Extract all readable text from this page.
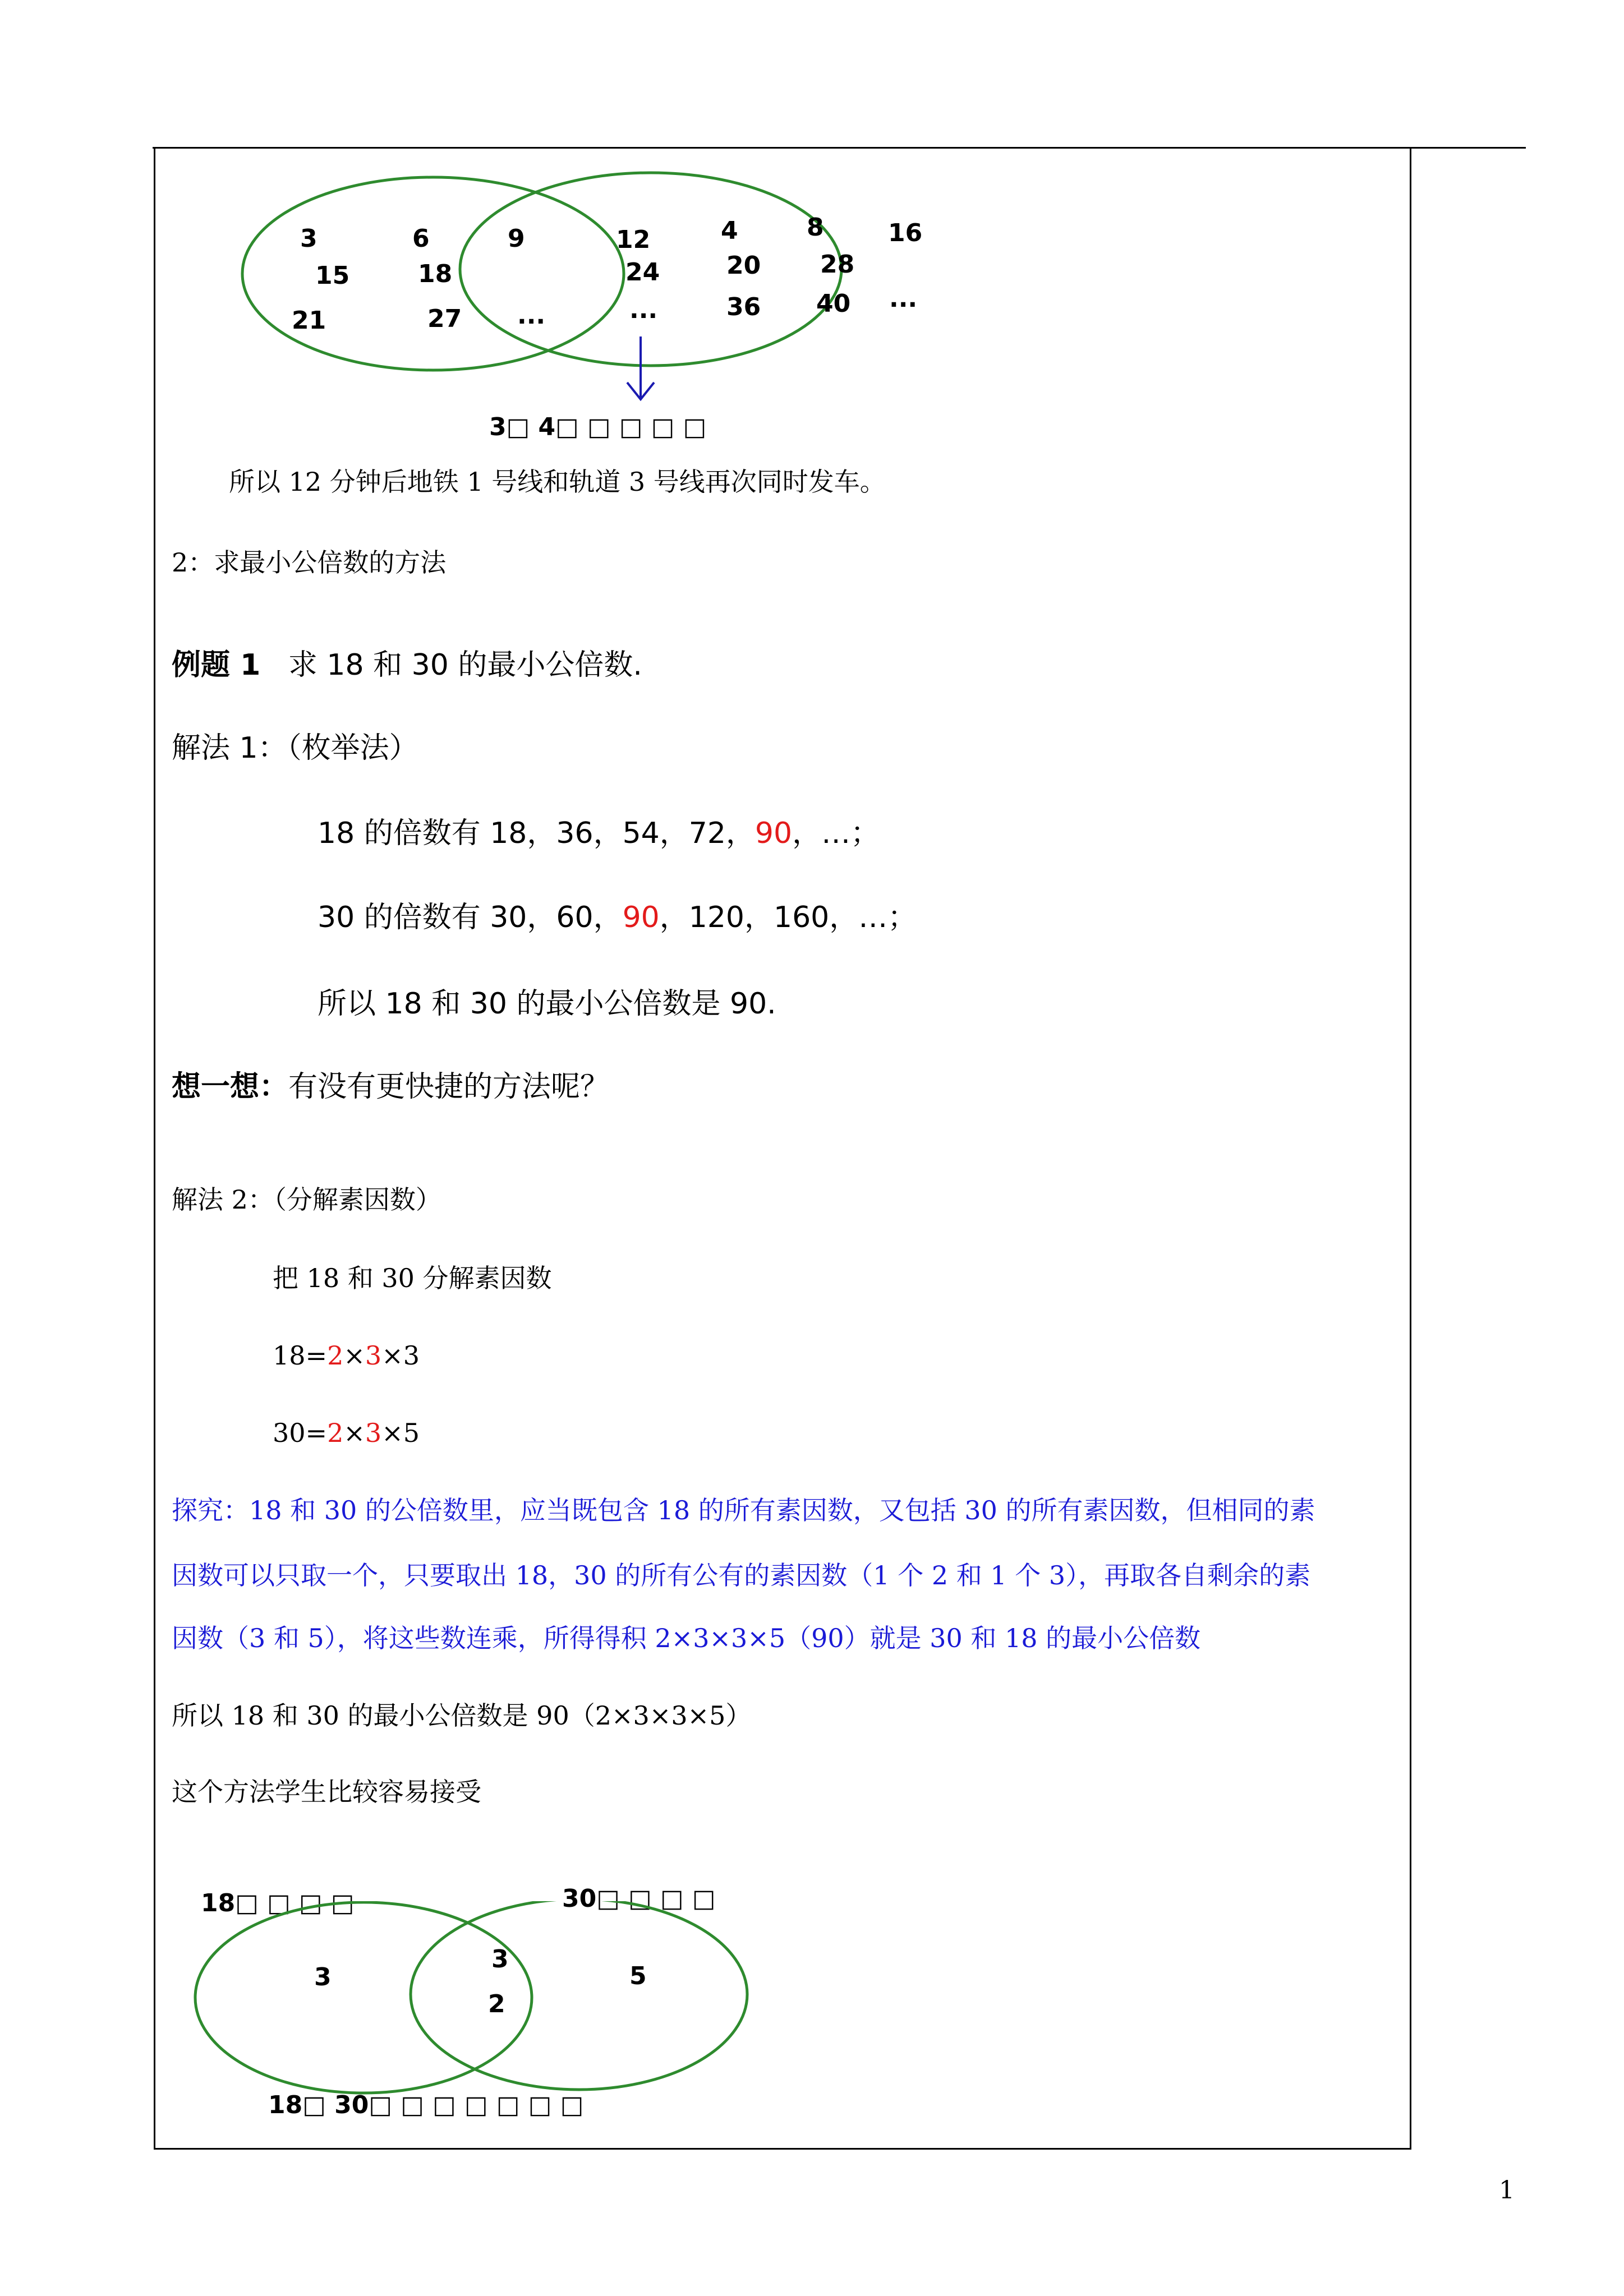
3	6	9
15	18
21	27 ···
12
24
···
4	8	16
20 28
36 40 ···
3□ 4□ □ □ □ □
所以 12 分钟后地铁 1 号线和轨道 3 号线再次同时发车。
2：求最小公倍数的方法
例题 1 求 18 和 30 的最小公倍数.
解法 1：（枚举法）
18 的倍数有 18，36，54，72，90，…；
30 的倍数有 30，60，90，120，160，…；
所以 18 和 30 的最小公倍数是 90.
想一想：有没有更快捷的方法呢？
解法 2：（分解素因数）
把 18 和 30 分解素因数
18=2×3×3
30=2×3×5
探究：18 和 30 的公倍数里，应当既包含 18 的所有素因数，又包括 30 的所有素因数，但相同的素
因数可以只取一个，只要取出 18，30 的所有公有的素因数（1 个 2 和 1 个 3），再取各自剩余的素
因数（3 和 5），将这些数连乘，所得得积 2×3×3×5（90）就是 30 和 18 的最小公倍数
所以 18 和 30 的最小公倍数是 90（2×3×3×5）
这个方法学生比较容易接受
18□ □ □ □	30□ □ □ □
3
3
2
5
18□ 30□ □ □ □ □ □ □
1
